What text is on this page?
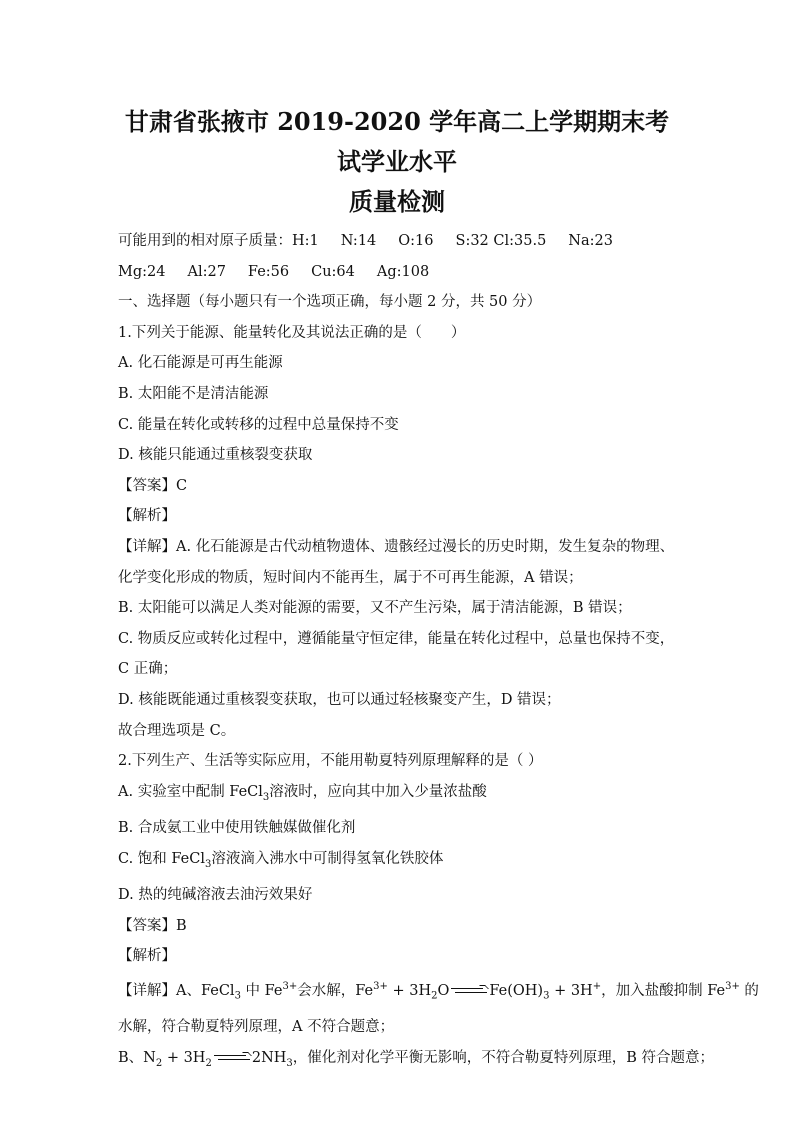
甘肃省张掖市 2019-2020 学年高二上学期期末考试学业水平
质量检测
可能用到的相对原子质量：H:1 N:14 O:16 S:32 Cl:35.5 Na:23
Mg:24 Al:27 Fe:56 Cu:64 Ag:108
一、选择题（每小题只有一个选项正确，每小题 2 分，共 50 分）
1.下列关于能源、能量转化及其说法正确的是（　　）
A. 化石能源是可再生能源
B. 太阳能不是清洁能源
C. 能量在转化或转移的过程中总量保持不变
D. 核能只能通过重核裂变获取
【答案】C
【解析】
【详解】A. 化石能源是古代动植物遗体、遗骸经过漫长的历史时期，发生复杂的物理、化学变化形成的物质，短时间内不能再生，属于不可再生能源，A 错误；
B. 太阳能可以满足人类对能源的需要，又不产生污染，属于清洁能源，B 错误；
C. 物质反应或转化过程中，遵循能量守恒定律，能量在转化过程中，总量也保持不变，C 正确；
D. 核能既能通过重核裂变获取，也可以通过轻核聚变产生，D 错误；
故合理选项是 C。
2.下列生产、生活等实际应用，不能用勒夏特列原理解释的是（ ）
A. 实验室中配制 FeCl$_3$溶液时，应向其中加入少量浓盐酸
B. 合成氨工业中使用铁触媒做催化剂
C. 饱和 FeCl$_3$溶液滴入沸水中可制得氢氧化铁胶体
D. 热的纯碱溶液去油污效果好
【答案】B
【解析】
【详解】A、FeCl$_3$ 中 $Fe^{3+}$会水解，$Fe^{3+} + 3H_2O \to Fe(OH)_3 + 3H^+$，加入盐酸抑制 $Fe^{3+}$ 的
水解，符合勒夏特列原理，A 不符合题意；
B、$N_2 + 3H_2 \to 2NH_3$，催化剂对化学平衡无影响，不符合勒夏特列原理，B 符合题意；
